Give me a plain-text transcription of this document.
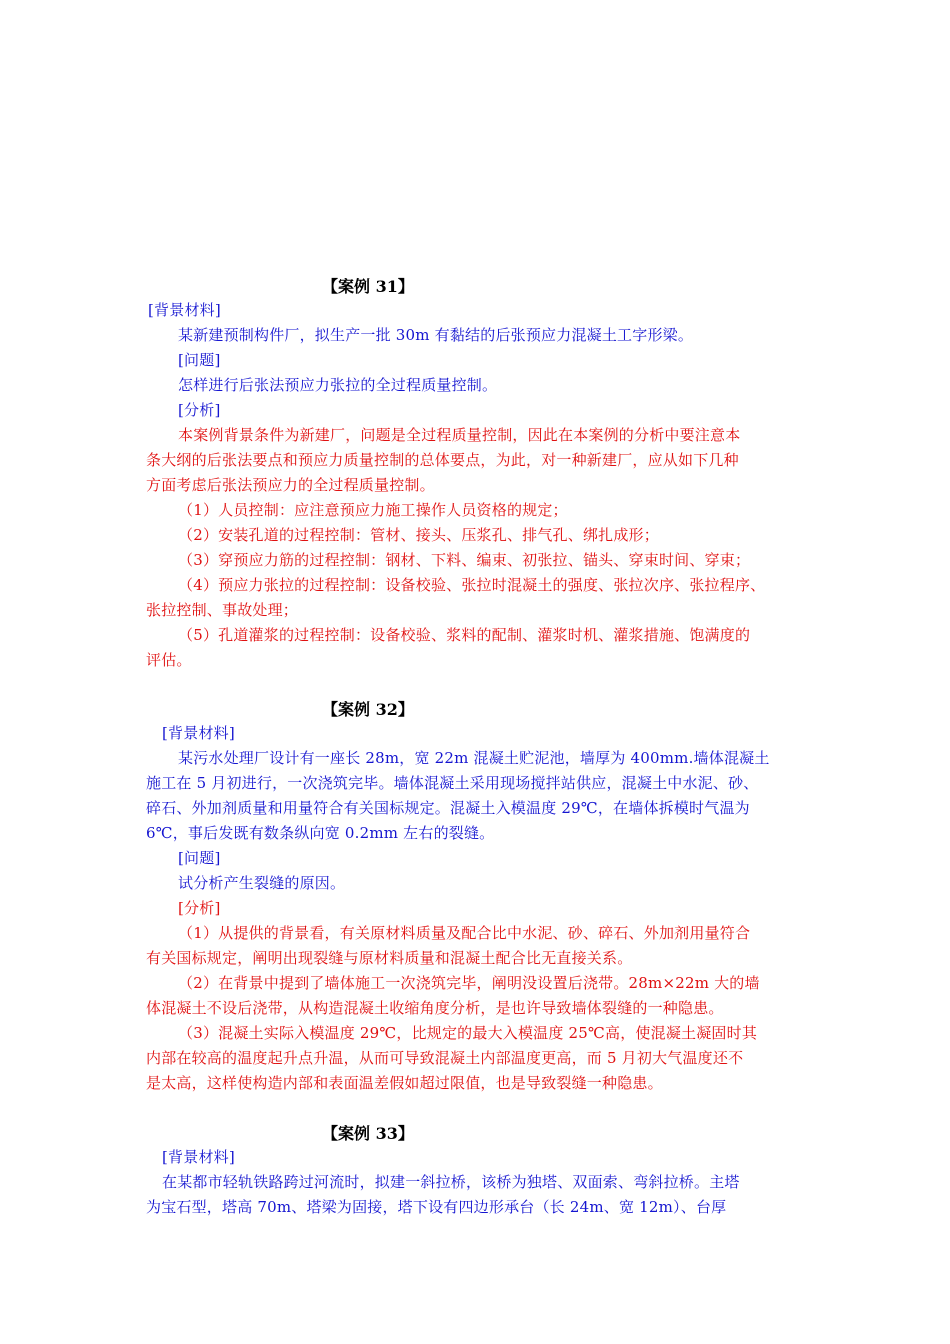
【案例 31】
[背景材料]
某新建预制构件厂，拟生产一批 30m 有黏结的后张预应力混凝土工字形梁。
[问题]
怎样进行后张法预应力张拉的全过程质量控制。
[分析]
本案例背景条件为新建厂，问题是全过程质量控制，因此在本案例的分析中要注意本
条大纲的后张法要点和预应力质量控制的总体要点，为此，对一种新建厂，应从如下几种
方面考虑后张法预应力的全过程质量控制。
（1）人员控制：应注意预应力施工操作人员资格的规定；
（2）安装孔道的过程控制：管材、接头、压浆孔、排气孔、绑扎成形；
（3）穿预应力筋的过程控制：钢材、下料、编束、初张拉、锚头、穿束时间、穿束；
（4）预应力张拉的过程控制：设备校验、张拉时混凝土的强度、张拉次序、张拉程序、
张拉控制、事故处理；
（5）孔道灌浆的过程控制：设备校验、浆料的配制、灌浆时机、灌浆措施、饱满度的
评估。
【案例 32】
[背景材料]
某污水处理厂设计有一座长 28m，宽 22m 混凝土贮泥池，墙厚为 400mm.墙体混凝土
施工在 5 月初进行，一次浇筑完毕。墙体混凝土采用现场搅拌站供应，混凝土中水泥、砂、
碎石、外加剂质量和用量符合有关国标规定。混凝土入模温度 29℃，在墙体拆模时气温为
6℃，事后发既有数条纵向宽 0.2mm 左右的裂缝。
[问题]
试分析产生裂缝的原因。
[分析]
（1）从提供的背景看，有关原材料质量及配合比中水泥、砂、碎石、外加剂用量符合
有关国标规定，阐明出现裂缝与原材料质量和混凝土配合比无直接关系。
（2）在背景中提到了墙体施工一次浇筑完毕，阐明没设置后浇带。28m×22m 大的墙
体混凝土不设后浇带，从构造混凝土收缩角度分析，是也许导致墙体裂缝的一种隐患。
（3）混凝土实际入模温度 29℃，比规定的最大入模温度 25℃高，使混凝土凝固时其
内部在较高的温度起升点升温，从而可导致混凝土内部温度更高，而 5 月初大气温度还不
是太高，这样使构造内部和表面温差假如超过限值，也是导致裂缝一种隐患。
【案例 33】
[背景材料]
在某都市轻轨铁路跨过河流时，拟建一斜拉桥，该桥为独塔、双面索、弯斜拉桥。主塔
为宝石型，塔高 70m、塔梁为固接，塔下设有四边形承台（长 24m、宽 12m）、台厚
